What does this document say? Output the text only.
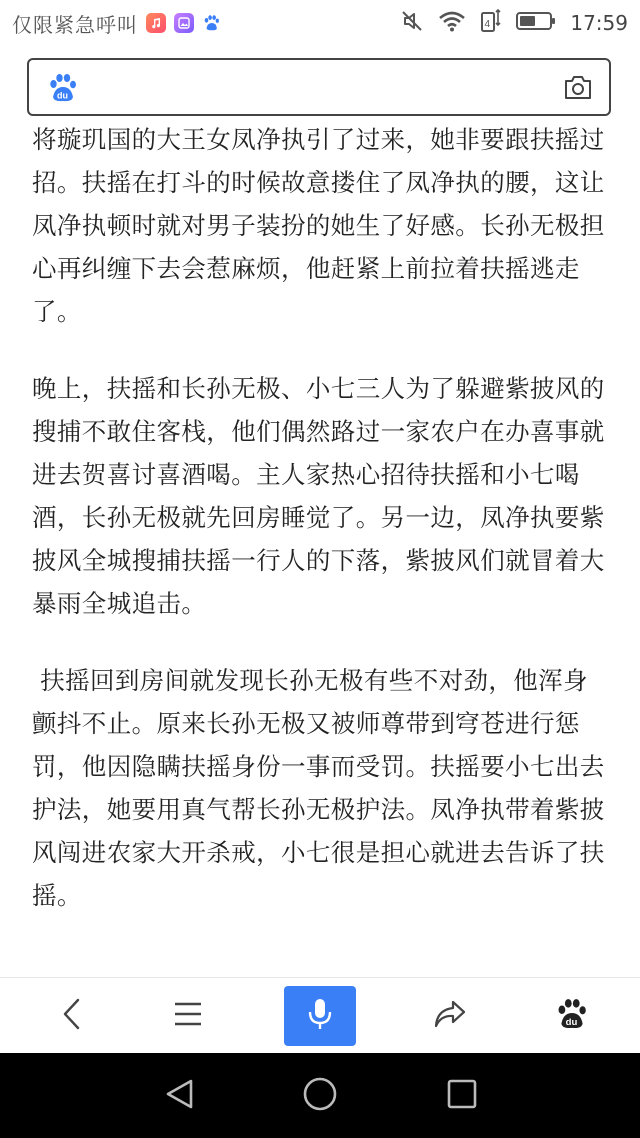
仅限紧急呼叫	4	17:59
du

将璇玑国的大王女凤净执引了过来，她非要跟扶摇过招。扶摇在打斗的时候故意搂住了凤净执的腰，这让凤净执顿时就对男子装扮的她生了好感。长孙无极担心再纠缠下去会惹麻烦，他赶紧上前拉着扶摇逃走了。

晚上，扶摇和长孙无极、小七三人为了躲避紫披风的搜捕不敢住客栈，他们偶然路过一家农户在办喜事就进去贺喜讨喜酒喝。主人家热心招待扶摇和小七喝酒，长孙无极就先回房睡觉了。另一边，凤净执要紫披风全城搜捕扶摇一行人的下落，紫披风们就冒着大暴雨全城追击。

扶摇回到房间就发现长孙无极有些不对劲，他浑身颤抖不止。原来长孙无极又被师尊带到穹苍进行惩罚，他因隐瞒扶摇身份一事而受罚。扶摇要小七出去护法，她要用真气帮长孙无极护法。凤净执带着紫披风闯进农家大开杀戒，小七很是担心就进去告诉了扶摇。

du
